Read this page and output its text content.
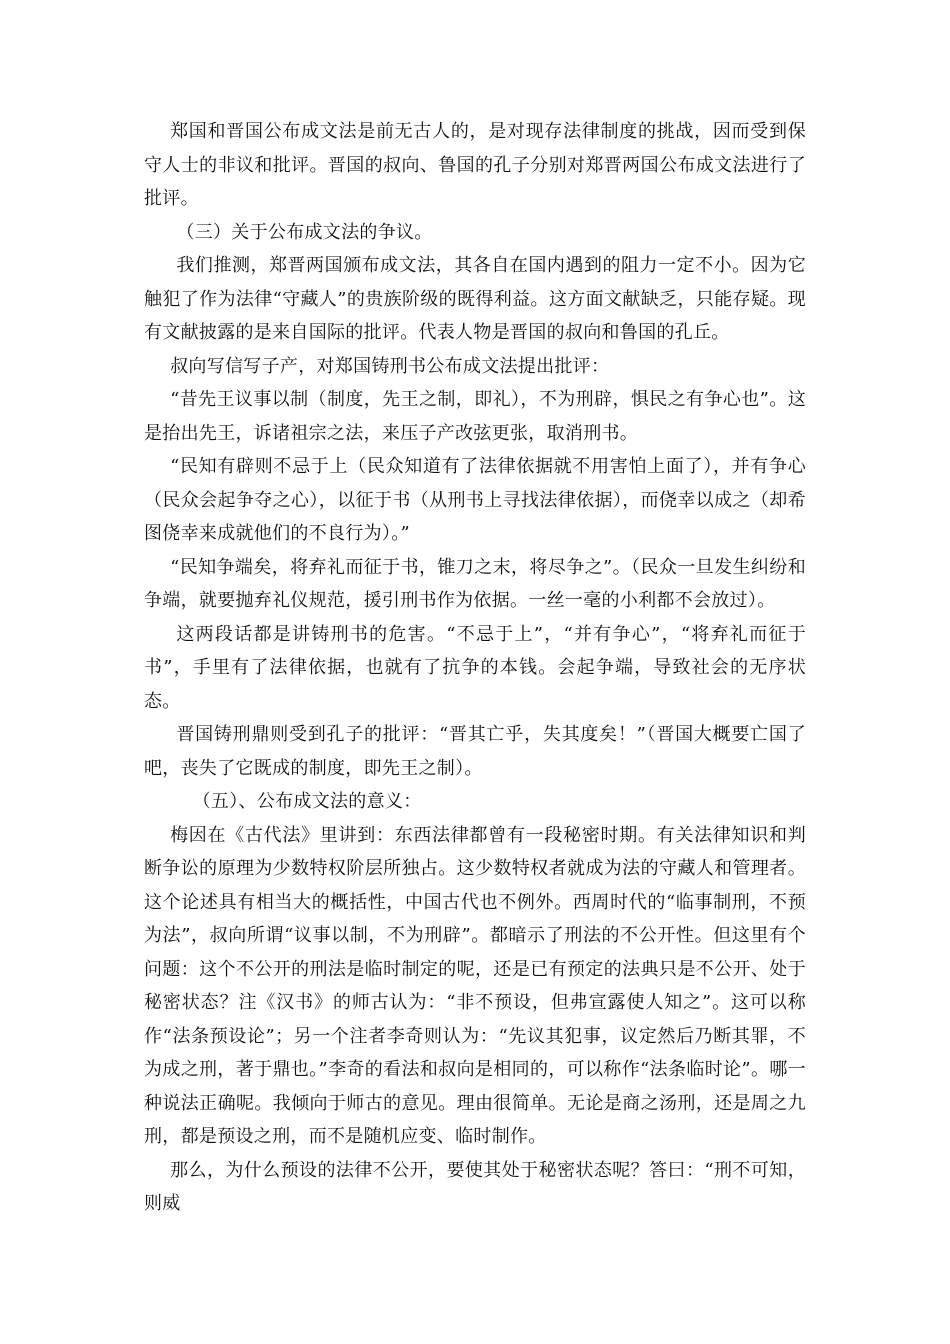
郑国和晋国公布成文法是前无古人的，是对现存法律制度的挑战，因而受到保守人士的非议和批评。晋国的叔向、鲁国的孔子分别对郑晋两国公布成文法进行了批评。

（三）关于公布成文法的争议。

我们推测，郑晋两国颁布成文法，其各自在国内遇到的阻力一定不小。因为它触犯了作为法律“守藏人”的贵族阶级的既得利益。这方面文献缺乏，只能存疑。现有文献披露的是来自国际的批评。代表人物是晋国的叔向和鲁国的孔丘。

叔向写信写子产，对郑国铸刑书公布成文法提出批评：

“昔先王议事以制（制度，先王之制，即礼），不为刑辟，惧民之有争心也”。这是抬出先王，诉诸祖宗之法，来压子产改弦更张，取消刑书。

“民知有辟则不忌于上（民众知道有了法律依据就不用害怕上面了），并有争心（民众会起争夺之心），以征于书（从刑书上寻找法律依据），而侥幸以成之（却希图侥幸来成就他们的不良行为）。”

“民知争端矣，将弃礼而征于书，锥刀之末，将尽争之”。（民众一旦发生纠纷和争端，就要抛弃礼仪规范，援引刑书作为依据。一丝一毫的小利都不会放过）。

这两段话都是讲铸刑书的危害。“不忌于上”，“并有争心”，“将弃礼而征于书”，手里有了法律依据，也就有了抗争的本钱。会起争端，导致社会的无序状态。

晋国铸刑鼎则受到孔子的批评：“晋其亡乎，失其度矣！”（晋国大概要亡国了吧，丧失了它既成的制度，即先王之制）。

（五）、公布成文法的意义：

梅因在《古代法》里讲到：东西法律都曾有一段秘密时期。有关法律知识和判断争讼的原理为少数特权阶层所独占。这少数特权者就成为法的守藏人和管理者。这个论述具有相当大的概括性，中国古代也不例外。西周时代的“临事制刑，不预为法”，叔向所谓“议事以制，不为刑辟”。都暗示了刑法的不公开性。但这里有个问题：这个不公开的刑法是临时制定的呢，还是已有预定的法典只是不公开、处于秘密状态？注《汉书》的师古认为：“非不预设，但弗宣露使人知之”。这可以称作“法条预设论”；另一个注者李奇则认为：“先议其犯事，议定然后乃断其罪，不为成之刑，著于鼎也。”李奇的看法和叔向是相同的，可以称作“法条临时论”。哪一种说法正确呢。我倾向于师古的意见。理由很简单。无论是商之汤刑，还是周之九刑，都是预设之刑，而不是随机应变、临时制作。

那么，为什么预设的法律不公开，要使其处于秘密状态呢？答曰：“刑不可知，则威
